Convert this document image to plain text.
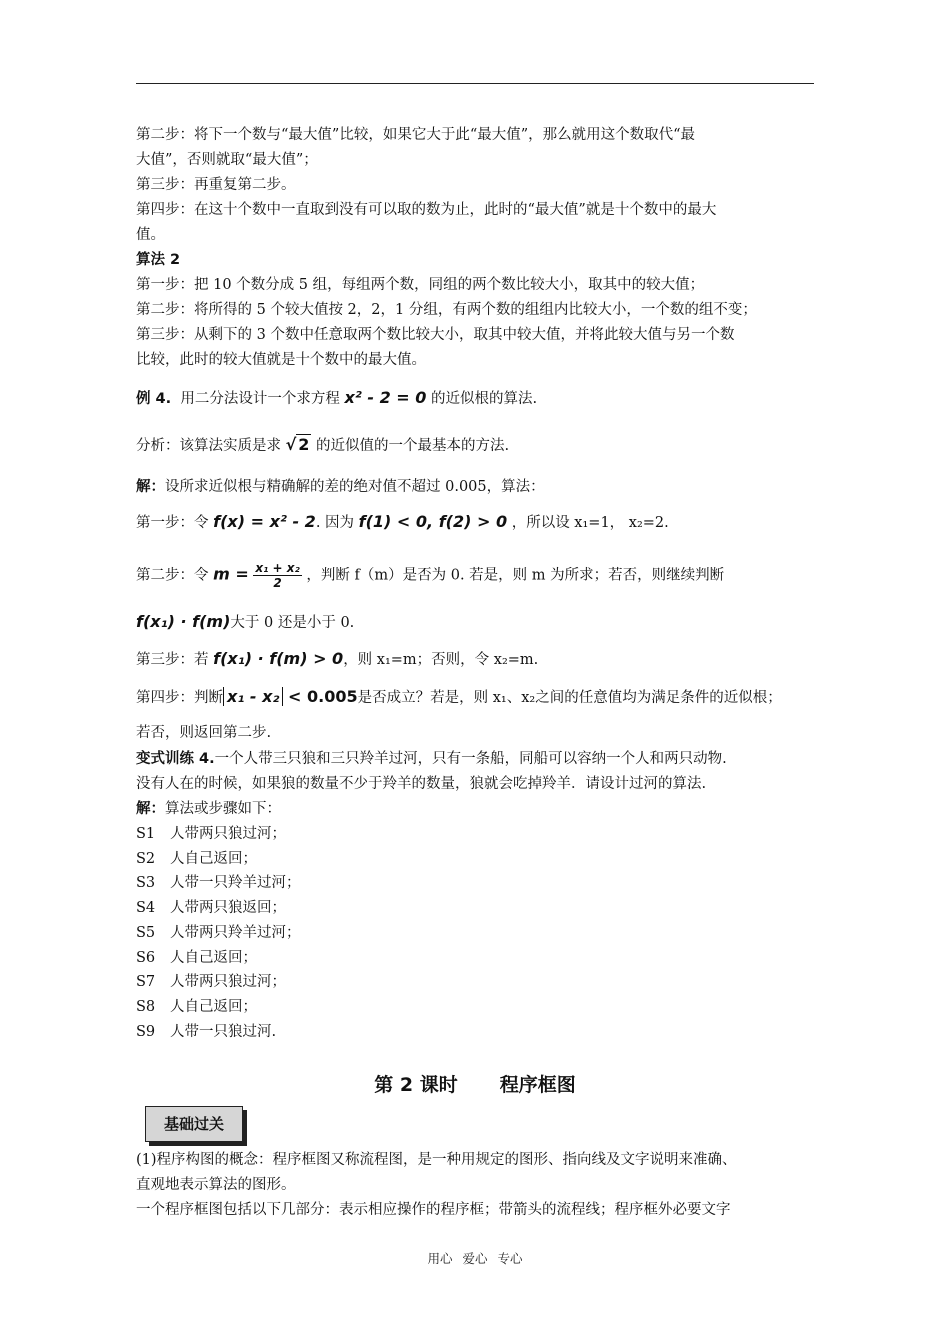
第二步：将下一个数与“最大值”比较，如果它大于此“最大值”，那么就用这个数取代“最
大值”，否则就取“最大值”；
第三步：再重复第二步。
第四步：在这十个数中一直取到没有可以取的数为止，此时的“最大值”就是十个数中的最大
值。
算法 2
第一步：把 10 个数分成 5 组，每组两个数，同组的两个数比较大小，取其中的较大值；
第二步：将所得的 5 个较大值按 2，2，1 分组，有两个数的组组内比较大小，一个数的组不变；
第三步：从剩下的 3 个数中任意取两个数比较大小，取其中较大值，并将此较大值与另一个数
比较，此时的较大值就是十个数中的最大值。
例 4. 用二分法设计一个求方程 x² - 2 = 0 的近似根的算法.
分析：该算法实质是求 √ 2 的近似值的一个最基本的方法.
解：设所求近似根与精确解的差的绝对值不超过 0.005，算法：
第一步：令 f(x) = x² - 2. 因为 f(1) < 0, f(2) > 0 ，所以设 x₁=1， x₂=2.
第二步：令 $m = \frac{\text{x₁ + x₂}}{2}$ ，判断 f（m）是否为 0. 若是，则 m 为所求；若否，则继续判断
f(x₁) · f(m)大于 0 还是小于 0.
第三步：若 f(x₁) · f(m) > 0，则 x₁=m；否则，令 x₂=m.
第四步：判断 x₁ - x₂ < 0.005是否成立？若是，则 x₁、x₂之间的任意值均为满足条件的近似根；
若否，则返回第二步.
变式训练 4.一个人带三只狼和三只羚羊过河，只有一条船，同船可以容纳一个人和两只动物.
没有人在的时候，如果狼的数量不少于羚羊的数量，狼就会吃掉羚羊．请设计过河的算法.
解：算法或步骤如下：
S1 人带两只狼过河；
S2 人自己返回；
S3 人带一只羚羊过河；
S4 人带两只狼返回；
S5 人带两只羚羊过河；
S6 人自己返回；
S7 人带两只狼过河；
S8 人自己返回；
S9 人带一只狼过河.
第 2 课时 程序框图
基础过关
(1)程序构图的概念：程序框图又称流程图，是一种用规定的图形、指向线及文字说明来准确、
直观地表示算法的图形。
一个程序框图包括以下几部分：表示相应操作的程序框；带箭头的流程线；程序框外必要文字
用心 爱心 专心
